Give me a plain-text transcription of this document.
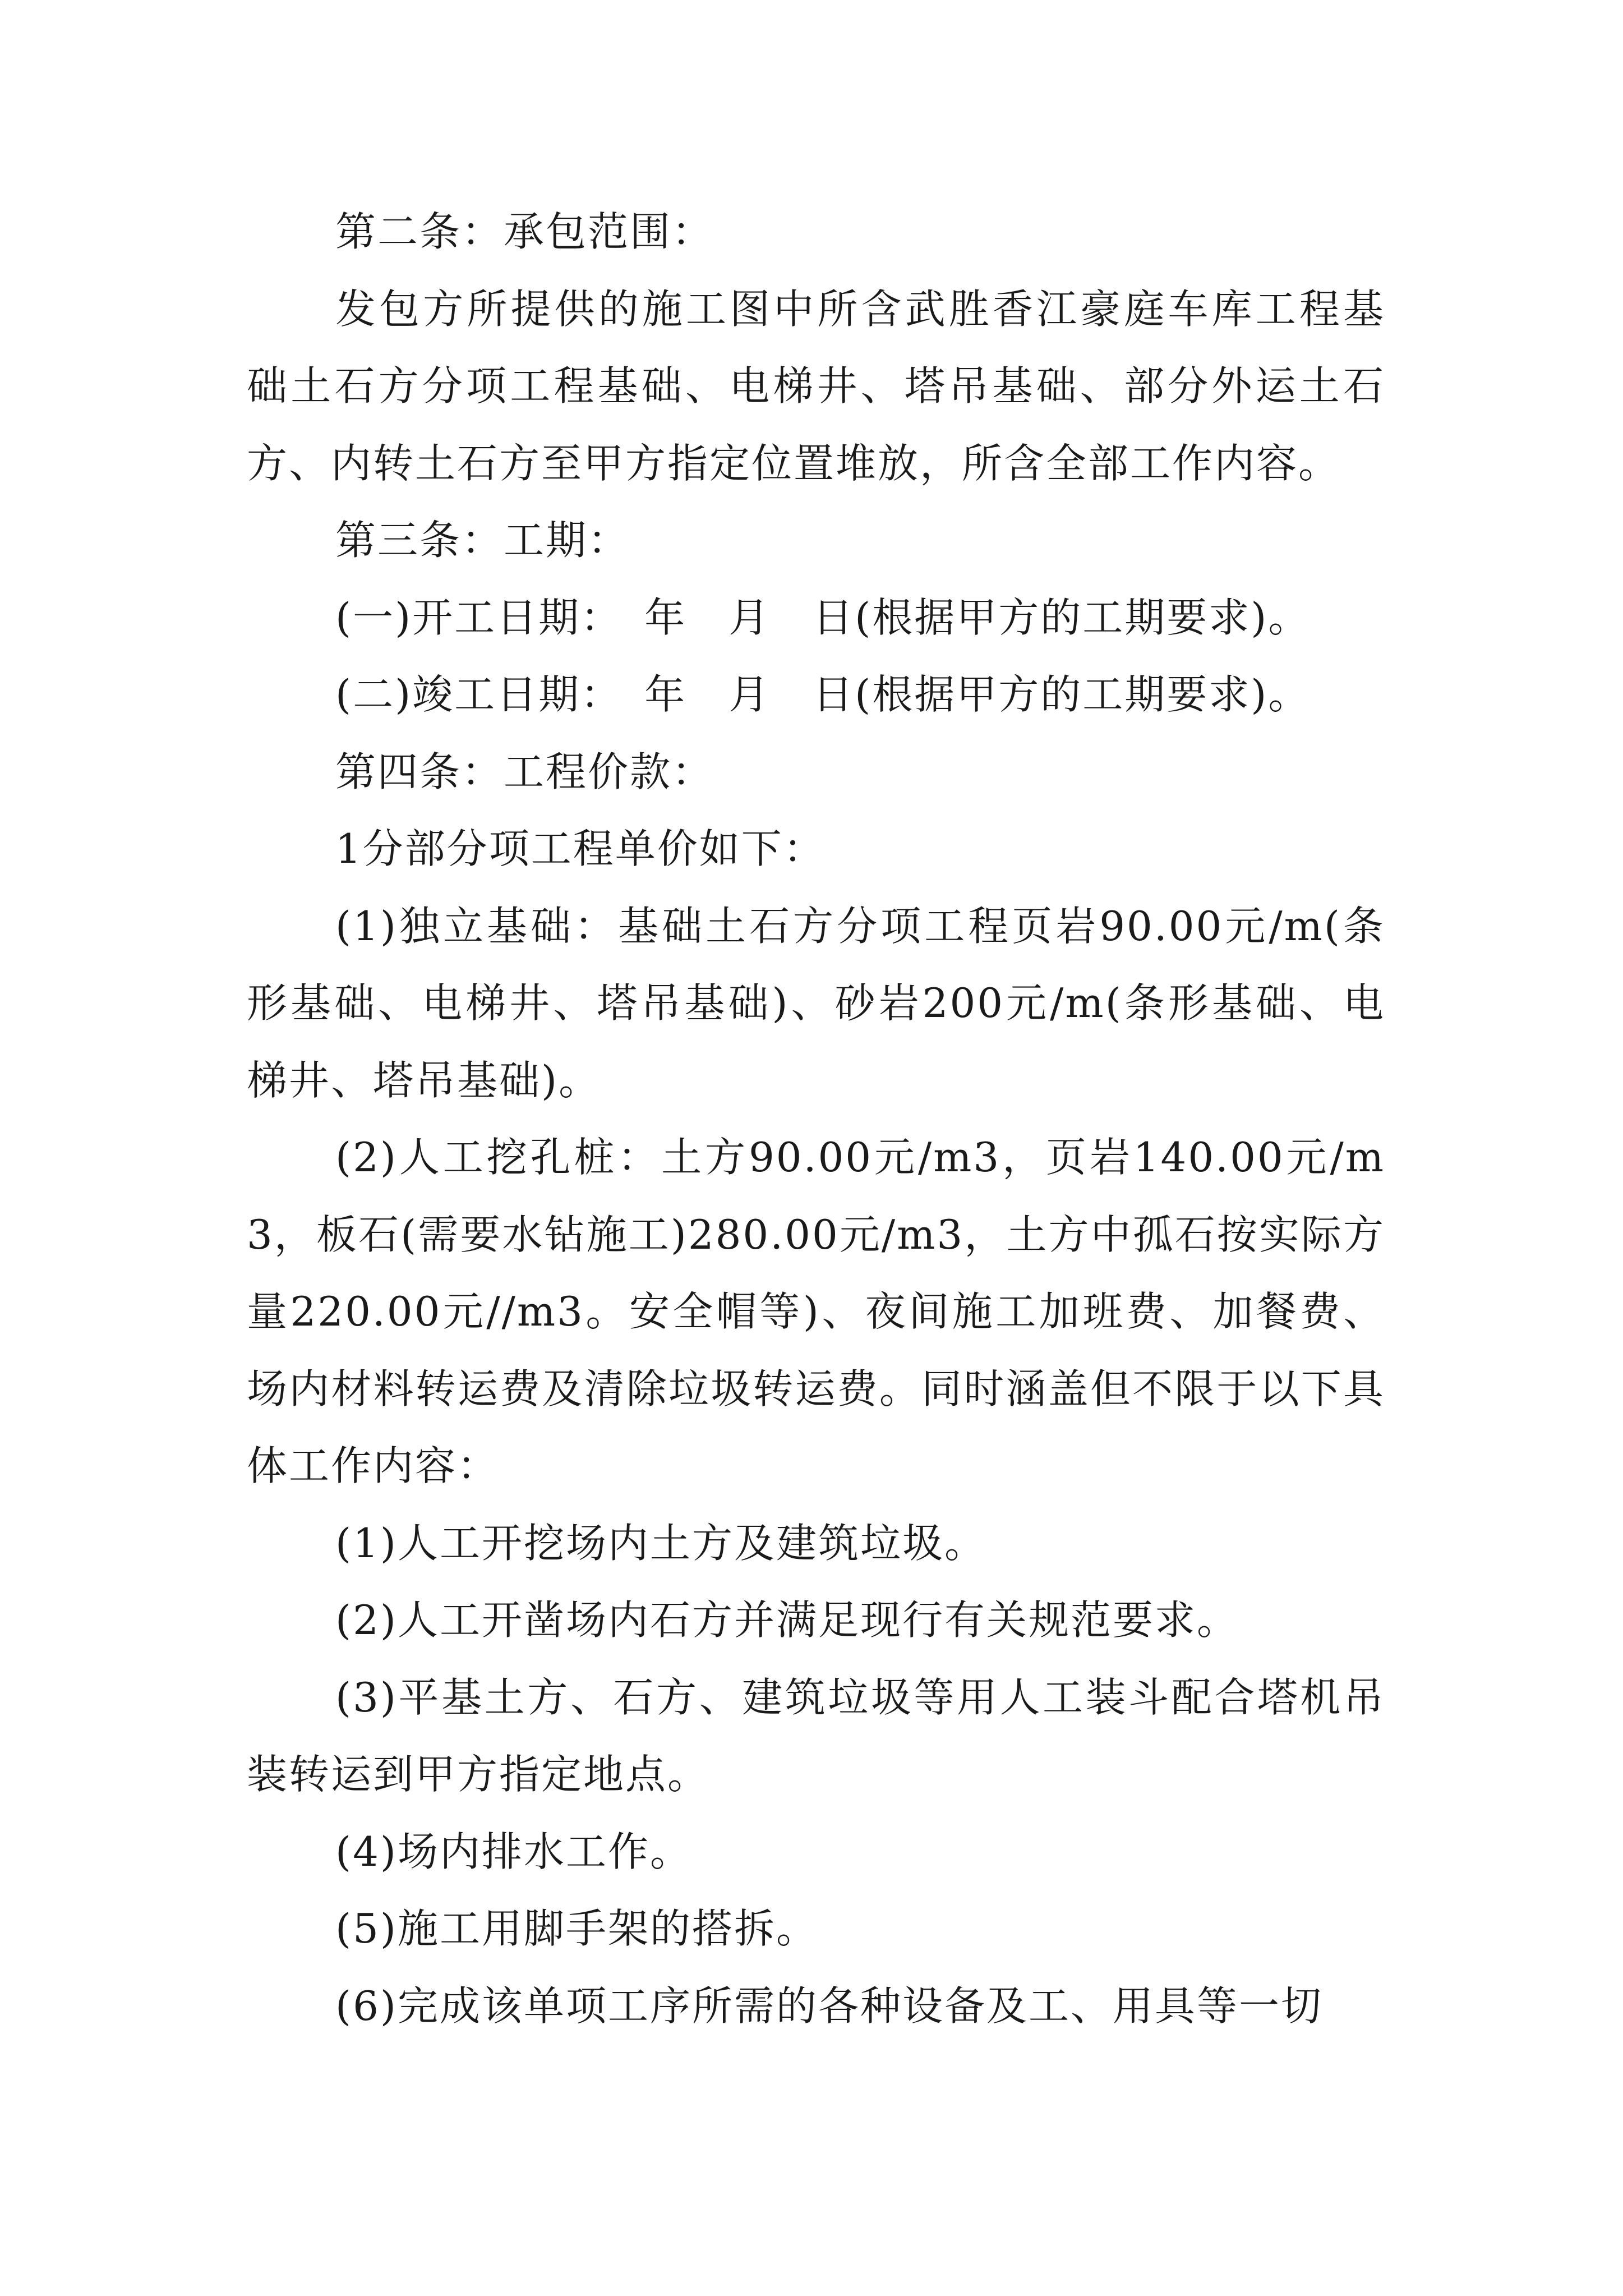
第二条：承包范围：

发包方所提供的施工图中所含武胜香江豪庭车库工程基础土石方分项工程基础、电梯井、塔吊基础、部分外运土石方、内转土石方至甲方指定位置堆放，所含全部工作内容。

第三条：工期：

(一)开工日期：　年　月　日(根据甲方的工期要求)。

(二)竣工日期：　年　月　日(根据甲方的工期要求)。

第四条：工程价款：

1分部分项工程单价如下：

(1)独立基础：基础土石方分项工程页岩90.00元/m(条形基础、电梯井、塔吊基础)、砂岩200元/m(条形基础、电梯井、塔吊基础)。

(2)人工挖孔桩：土方90.00元/m3，页岩140.00元/m3，板石(需要水钻施工)280.00元/m3，土方中孤石按实际方量220.00元//m3。安全帽等)、夜间施工加班费、加餐费、场内材料转运费及清除垃圾转运费。同时涵盖但不限于以下具体工作内容：

(1)人工开挖场内土方及建筑垃圾。

(2)人工开凿场内石方并满足现行有关规范要求。

(3)平基土方、石方、建筑垃圾等用人工装斗配合塔机吊装转运到甲方指定地点。

(4)场内排水工作。

(5)施工用脚手架的搭拆。

(6)完成该单项工序所需的各种设备及工、用具等一切
